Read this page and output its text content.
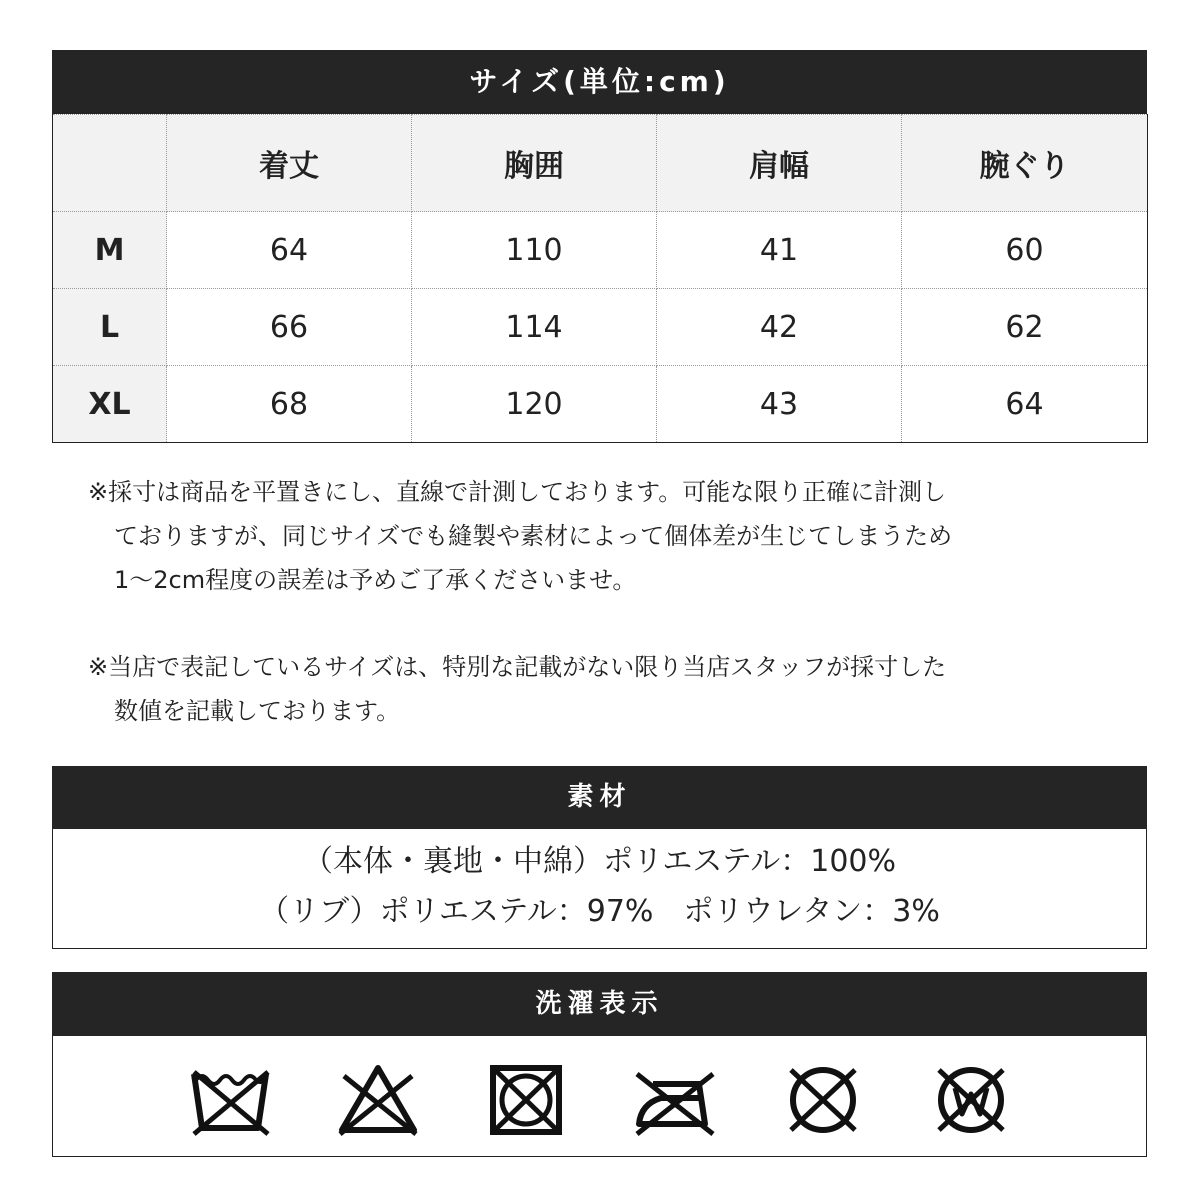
サイズ(単位:cm)
	着丈	胸囲	肩幅	腕ぐり
M	64	110	41	60
L	66	114	42	62
XL	68	120	43	64
※採寸は商品を平置きにし、直線で計測しております。可能な限り正確に計測し
ておりますが、同じサイズでも縫製や素材によって個体差が生じてしまうため
1～2cm程度の誤差は予めご了承くださいませ。
※当店で表記しているサイズは、特別な記載がない限り当店スタッフが採寸した
数値を記載しております。
素材
（本体・裏地・中綿）ポリエステル：100%
（リブ）ポリエステル：97%　ポリウレタン：3%
洗濯表示
